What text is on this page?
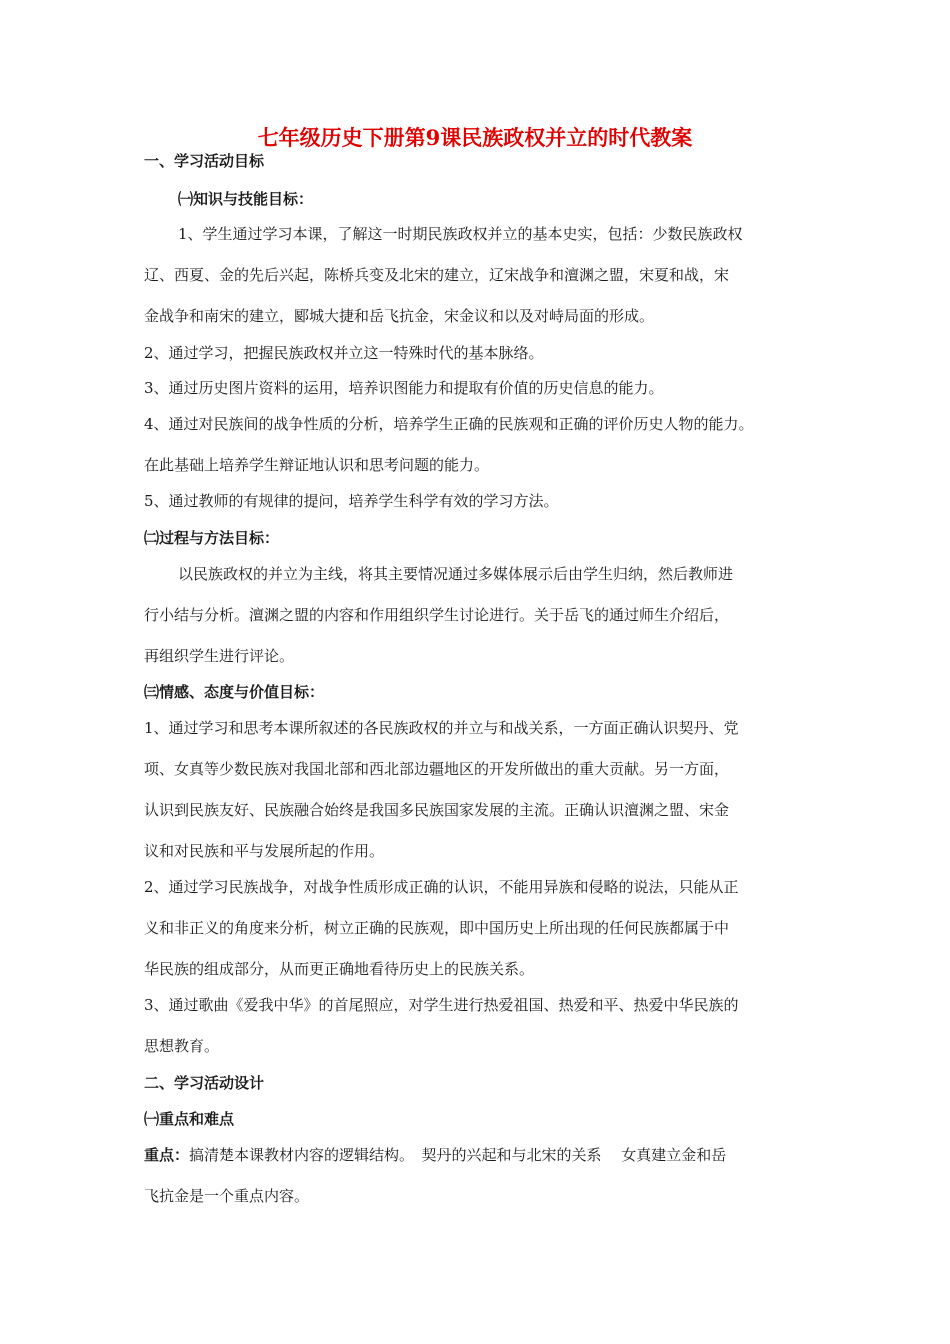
七年级历史下册第9课民族政权并立的时代教案
一、学习活动目标
㈠知识与技能目标：
1、学生通过学习本课，了解这一时期民族政权并立的基本史实，包括：少数民族政权
辽、西夏、金的先后兴起，陈桥兵变及北宋的建立，辽宋战争和澶渊之盟，宋夏和战，宋
金战争和南宋的建立，郾城大捷和岳飞抗金，宋金议和以及对峙局面的形成。
2、通过学习，把握民族政权并立这一特殊时代的基本脉络。
3、通过历史图片资料的运用，培养识图能力和提取有价值的历史信息的能力。
4、通过对民族间的战争性质的分析，培养学生正确的民族观和正确的评价历史人物的能力。
在此基础上培养学生辩证地认识和思考问题的能力。
5、通过教师的有规律的提问，培养学生科学有效的学习方法。
㈡过程与方法目标：
以民族政权的并立为主线，将其主要情况通过多媒体展示后由学生归纳，然后教师进
行小结与分析。澶渊之盟的内容和作用组织学生讨论进行。关于岳飞的通过师生介绍后，
再组织学生进行评论。
㈢情感、态度与价值目标：
1、通过学习和思考本课所叙述的各民族政权的并立与和战关系，一方面正确认识契丹、党
项、女真等少数民族对我国北部和西北部边疆地区的开发所做出的重大贡献。另一方面，
认识到民族友好、民族融合始终是我国多民族国家发展的主流。正确认识澶渊之盟、宋金
议和对民族和平与发展所起的作用。
2、通过学习民族战争，对战争性质形成正确的认识，不能用异族和侵略的说法，只能从正
义和非正义的角度来分析，树立正确的民族观，即中国历史上所出现的任何民族都属于中
华民族的组成部分，从而更正确地看待历史上的民族关系。
3、通过歌曲《爱我中华》的首尾照应，对学生进行热爱祖国、热爱和平、热爱中华民族的
思想教育。
二、学习活动设计
㈠重点和难点
重点：搞清楚本课教材内容的逻辑结构。　契丹的兴起和与北宋的关系　 女真建立金和岳
飞抗金是一个重点内容。
